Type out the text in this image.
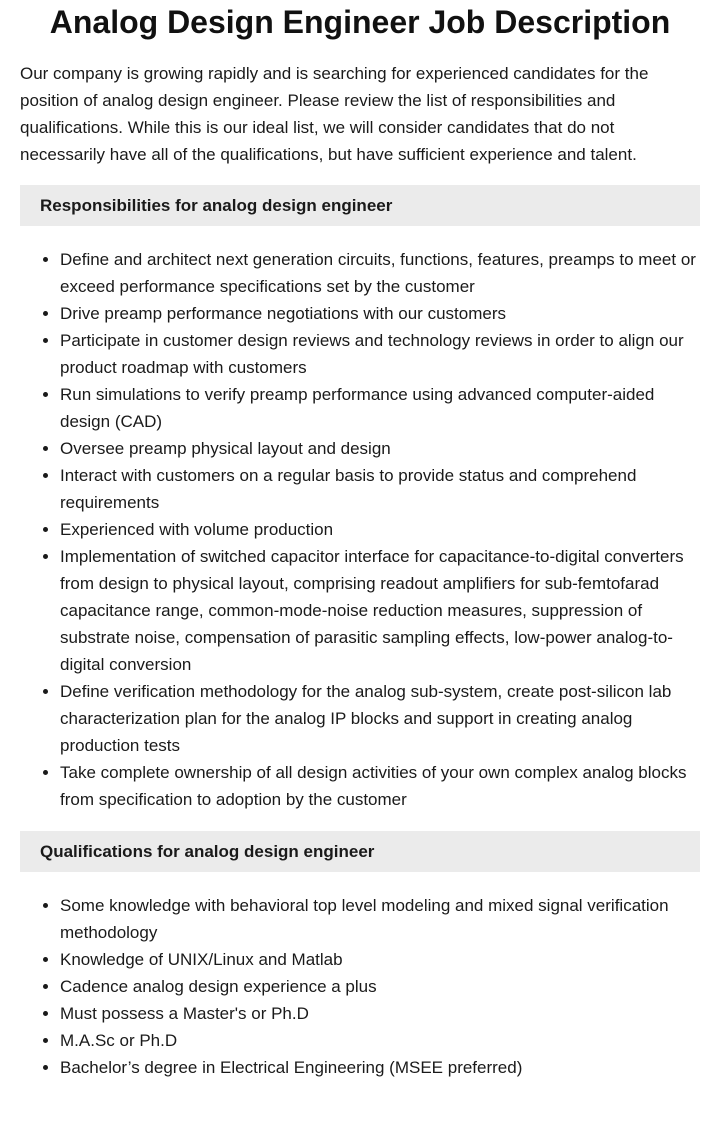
Analog Design Engineer Job Description

Our company is growing rapidly and is searching for experienced candidates for the position of analog design engineer. Please review the list of responsibilities and qualifications. While this is our ideal list, we will consider candidates that do not necessarily have all of the qualifications, but have sufficient experience and talent.

Responsibilities for analog design engineer
• Define and architect next generation circuits, functions, features, preamps to meet or exceed performance specifications set by the customer
• Drive preamp performance negotiations with our customers
• Participate in customer design reviews and technology reviews in order to align our product roadmap with customers
• Run simulations to verify preamp performance using advanced computer-aided design (CAD)
• Oversee preamp physical layout and design
• Interact with customers on a regular basis to provide status and comprehend requirements
• Experienced with volume production
• Implementation of switched capacitor interface for capacitance-to-digital converters from design to physical layout, comprising readout amplifiers for sub-femtofarad capacitance range, common-mode-noise reduction measures, suppression of substrate noise, compensation of parasitic sampling effects, low-power analog-to-digital conversion
• Define verification methodology for the analog sub-system, create post-silicon lab characterization plan for the analog IP blocks and support in creating analog production tests
• Take complete ownership of all design activities of your own complex analog blocks from specification to adoption by the customer
Qualifications for analog design engineer
• Some knowledge with behavioral top level modeling and mixed signal verification methodology
• Knowledge of UNIX/Linux and Matlab
• Cadence analog design experience a plus
• Must possess a Master's or Ph.D
• M.A.Sc or Ph.D
• Bachelor’s degree in Electrical Engineering (MSEE preferred)
